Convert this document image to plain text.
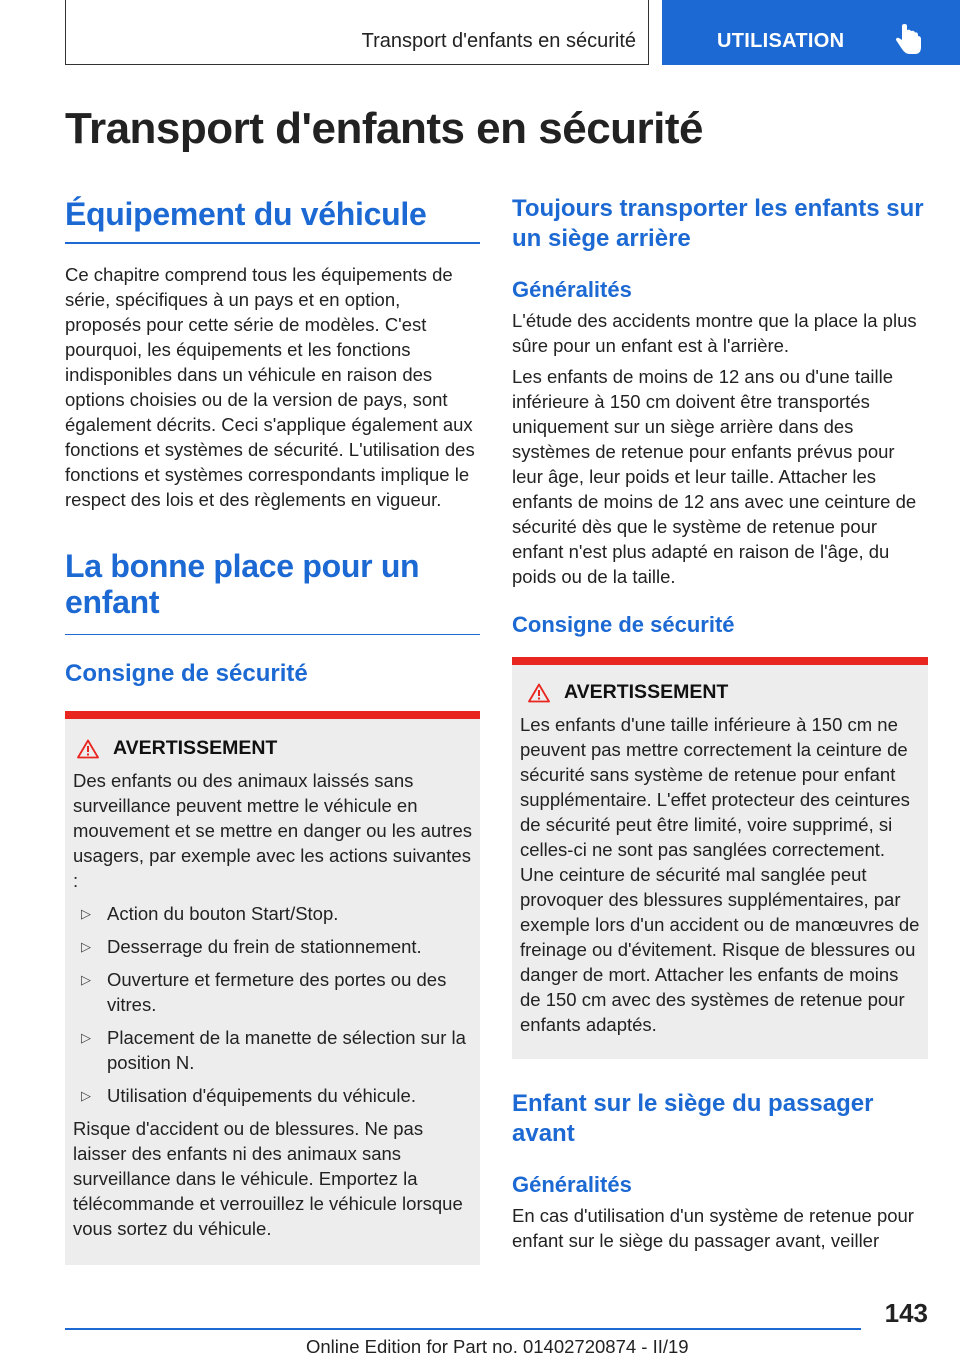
Transport d'enfants en sécurité	UTILISATION
Transport d'enfants en sécurité
Équipement du véhicule

Ce chapitre comprend tous les équipements de série, spécifiques à un pays et en option, proposés pour cette série de modèles. C'est pourquoi, les équipements et les fonctions indisponibles dans un véhicule en raison des options choisies ou de la version de pays, sont également décrits. Ceci s'applique également aux fonctions et systèmes de sécurité. L'utilisation des fonctions et systèmes correspondants implique le respect des lois et des règlements en vigueur.

La bonne place pour un enfant
Consigne de sécurité
AVERTISSEMENT

Des enfants ou des animaux laissés sans surveillance peuvent mettre le véhicule en mouvement et se mettre en danger ou les autres usagers, par exemple avec les actions suivantes :

▷ Action du bouton Start/Stop.
▷ Desserrage du frein de stationnement.
▷ Ouverture et fermeture des portes ou des vitres.
▷ Placement de la manette de sélection sur la position N.
▷ Utilisation d'équipements du véhicule.

Risque d'accident ou de blessures. Ne pas laisser des enfants ni des animaux sans surveillance dans le véhicule. Emportez la télécommande et verrouillez le véhicule lorsque vous sortez du véhicule.

Toujours transporter les enfants sur un siège arrière
Généralités

L'étude des accidents montre que la place la plus sûre pour un enfant est à l'arrière.

Les enfants de moins de 12 ans ou d'une taille inférieure à 150 cm doivent être transportés uniquement sur un siège arrière dans des systèmes de retenue pour enfants prévus pour leur âge, leur poids et leur taille. Attacher les enfants de moins de 12 ans avec une ceinture de sécurité dès que le système de retenue pour enfant n'est plus adapté en raison de l'âge, du poids ou de la taille.

Consigne de sécurité
AVERTISSEMENT

Les enfants d'une taille inférieure à 150 cm ne peuvent pas mettre correctement la ceinture de sécurité sans système de retenue pour enfant supplémentaire. L'effet protecteur des ceintures de sécurité peut être limité, voire supprimé, si celles-ci ne sont pas sanglées correctement. Une ceinture de sécurité mal sanglée peut provoquer des blessures supplémentaires, par exemple lors d'un accident ou de manœuvres de freinage ou d'évitement. Risque de blessures ou danger de mort. Attacher les enfants de moins de 150 cm avec des systèmes de retenue pour enfants adaptés.

Enfant sur le siège du passager avant
Généralités

En cas d'utilisation d'un système de retenue pour enfant sur le siège du passager avant, veiller

143
Online Edition for Part no. 01402720874 - II/19
